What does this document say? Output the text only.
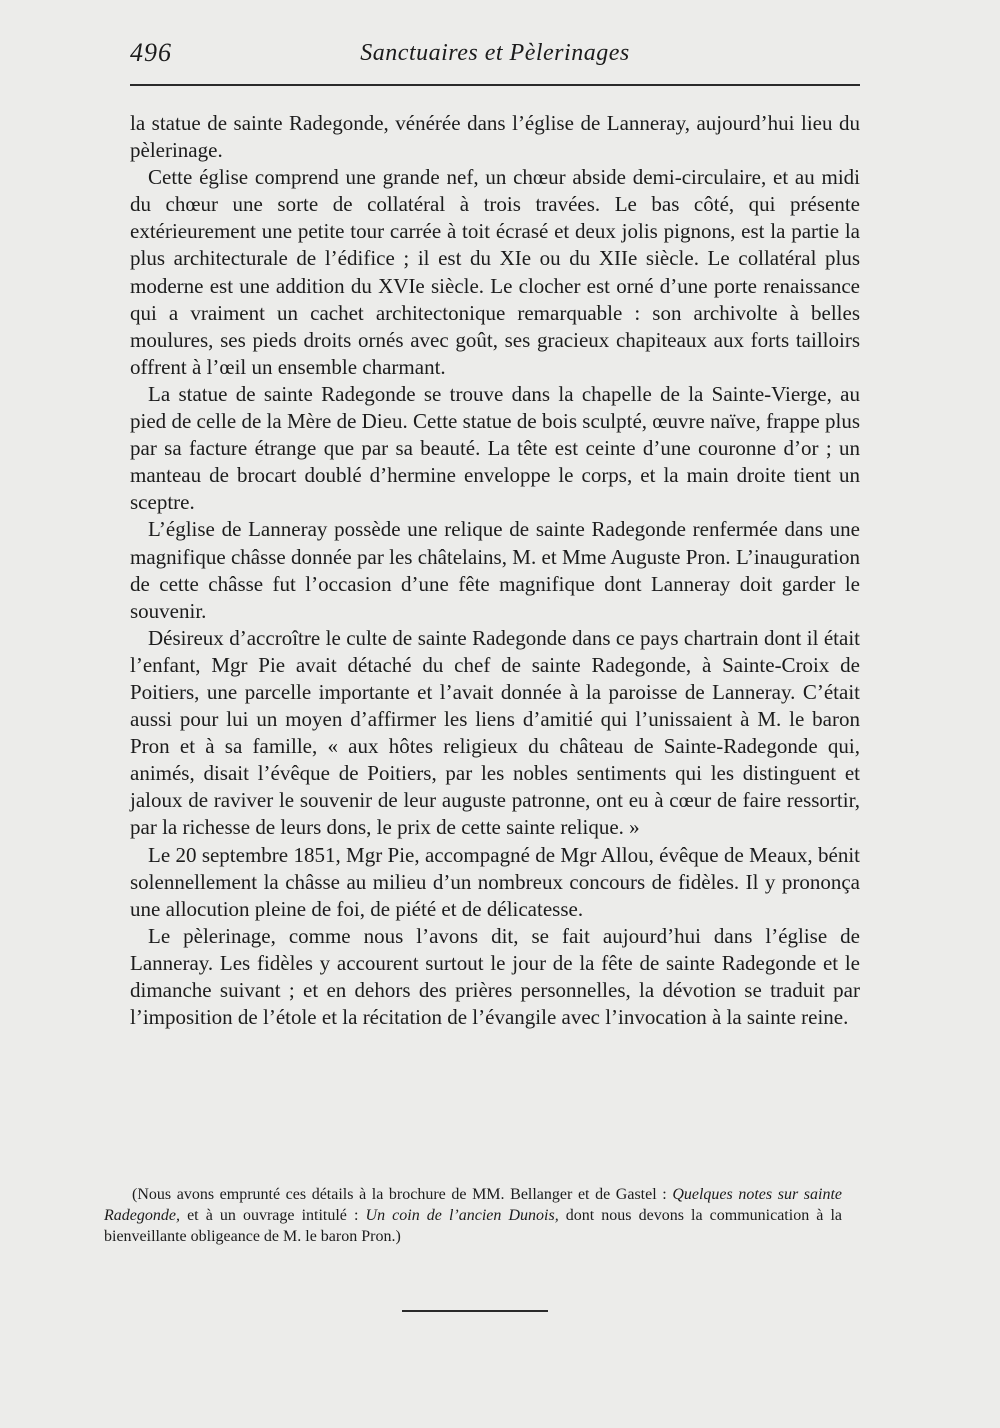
496	Sanctuaires et Pèlerinages

la statue de sainte Radegonde, vénérée dans l’église de Lanneray, aujourd’hui lieu du pèlerinage.

Cette église comprend une grande nef, un chœur abside demi-circulaire, et au midi du chœur une sorte de collatéral à trois travées. Le bas côté, qui présente extérieurement une petite tour carrée à toit écrasé et deux jolis pignons, est la partie la plus architecturale de l’édifice ; il est du XIe ou du XIIe siècle. Le collatéral plus moderne est une addition du XVIe siècle. Le clocher est orné d’une porte renaissance qui a vraiment un cachet architectonique remarquable : son archivolte à belles moulures, ses pieds droits ornés avec goût, ses gracieux chapiteaux aux forts tailloirs offrent à l’œil un ensemble charmant.

La statue de sainte Radegonde se trouve dans la chapelle de la Sainte-Vierge, au pied de celle de la Mère de Dieu. Cette statue de bois sculpté, œuvre naïve, frappe plus par sa facture étrange que par sa beauté. La tête est ceinte d’une couronne d’or ; un manteau de brocart doublé d’hermine enveloppe le corps, et la main droite tient un sceptre.

L’église de Lanneray possède une relique de sainte Radegonde renfermée dans une magnifique châsse donnée par les châtelains, M. et Mme Auguste Pron. L’inauguration de cette châsse fut l’occasion d’une fête magnifique dont Lanneray doit garder le souvenir.

Désireux d’accroître le culte de sainte Radegonde dans ce pays chartrain dont il était l’enfant, Mgr Pie avait détaché du chef de sainte Radegonde, à Sainte-Croix de Poitiers, une parcelle importante et l’avait donnée à la paroisse de Lanneray. C’était aussi pour lui un moyen d’affirmer les liens d’amitié qui l’unissaient à M. le baron Pron et à sa famille, « aux hôtes religieux du château de Sainte-Radegonde qui, animés, disait l’évêque de Poitiers, par les nobles sentiments qui les distinguent et jaloux de raviver le souvenir de leur auguste patronne, ont eu à cœur de faire ressortir, par la richesse de leurs dons, le prix de cette sainte relique. »

Le 20 septembre 1851, Mgr Pie, accompagné de Mgr Allou, évêque de Meaux, bénit solennellement la châsse au milieu d’un nombreux concours de fidèles. Il y prononça une allocution pleine de foi, de piété et de délicatesse.

Le pèlerinage, comme nous l’avons dit, se fait aujourd’hui dans l’église de Lanneray. Les fidèles y accourent surtout le jour de la fête de sainte Radegonde et le dimanche suivant ; et en dehors des prières personnelles, la dévotion se traduit par l’imposition de l’étole et la récitation de l’évangile avec l’invocation à la sainte reine.

(Nous avons emprunté ces détails à la brochure de MM. Bellanger et de Gastel : Quelques notes sur sainte Radegonde, et à un ouvrage intitulé : Un coin de l’ancien Dunois, dont nous devons la communication à la bienveillante obligeance de M. le baron Pron.)
